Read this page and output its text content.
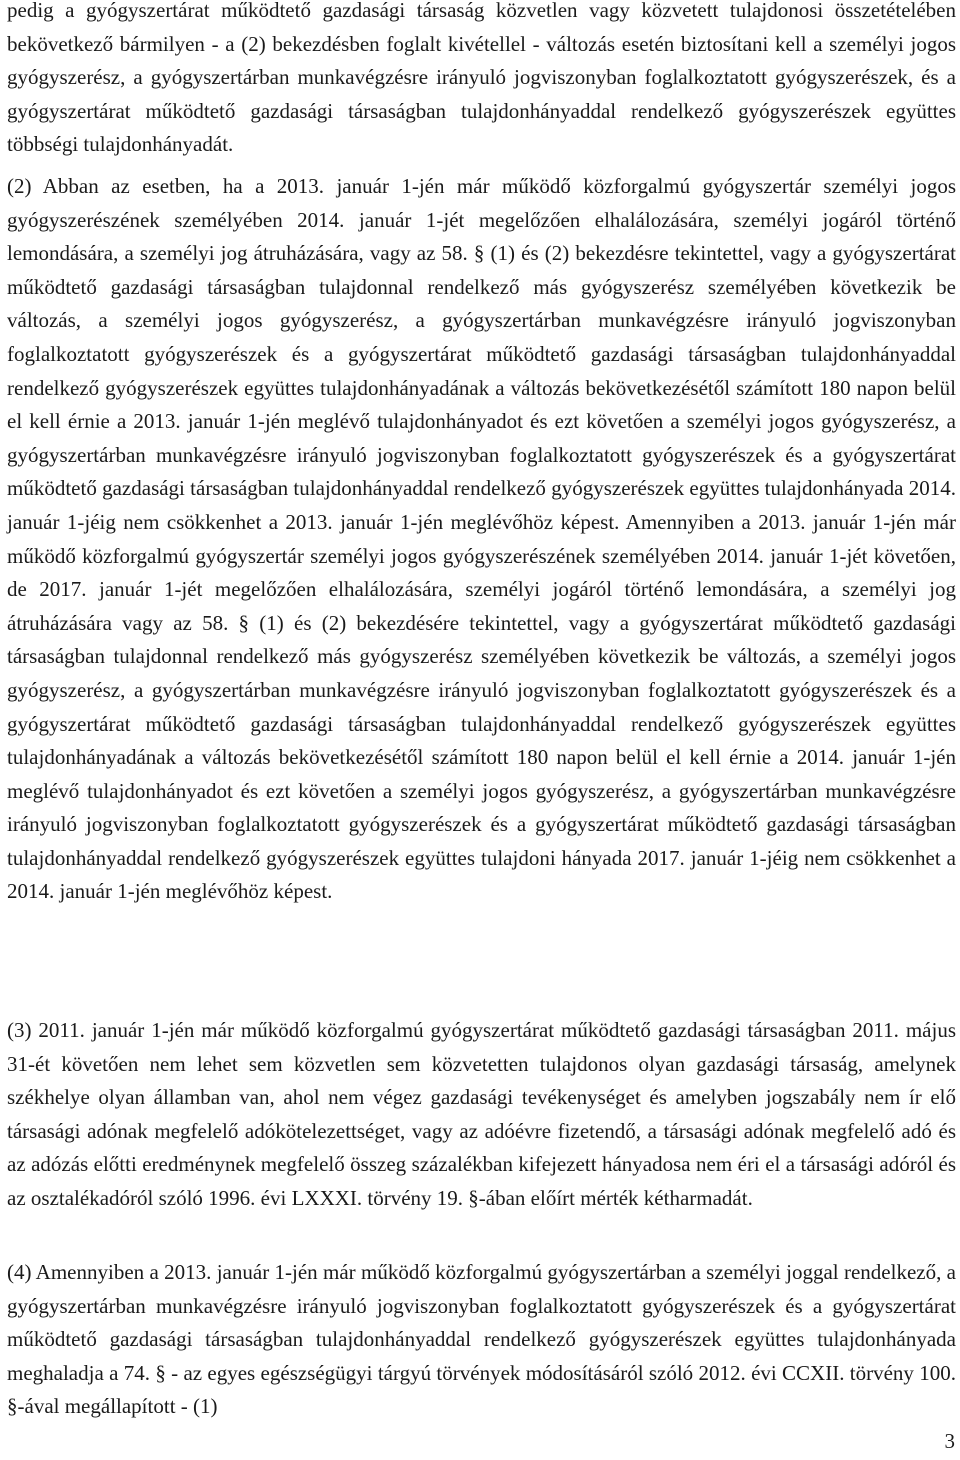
pedig a gyógyszertárat működtető gazdasági társaság közvetlen vagy közvetett tulajdonosi összetételében bekövetkező bármilyen - a (2) bekezdésben foglalt kivétellel - változás esetén biztosítani kell a személyi jogos gyógyszerész, a gyógyszertárban munkavégzésre irányuló jogviszonyban foglalkoztatott gyógyszerészek, és a gyógyszertárat működtető gazdasági társaságban tulajdonhányaddal rendelkező gyógyszerészek együttes többségi tulajdonhányadát.

(2) Abban az esetben, ha a 2013. január 1-jén már működő közforgalmú gyógyszertár személyi jogos gyógyszerészének személyében 2014. január 1-jét megelőzően elhalálozására, személyi jogáról történő lemondására, a személyi jog átruházására, vagy az 58. § (1) és (2) bekezdésre tekintettel, vagy a gyógyszertárat működtető gazdasági társaságban tulajdonnal rendelkező más gyógyszerész személyében következik be változás, a személyi jogos gyógyszerész, a gyógyszertárban munkavégzésre irányuló jogviszonyban foglalkoztatott gyógyszerészek és a gyógyszertárat működtető gazdasági társaságban tulajdonhányaddal rendelkező gyógyszerészek együttes tulajdonhányadának a változás bekövetkezésétől számított 180 napon belül el kell érnie a 2013. január 1-jén meglévő tulajdonhányadot és ezt követően a személyi jogos gyógyszerész, a gyógyszertárban munkavégzésre irányuló jogviszonyban foglalkoztatott gyógyszerészek és a gyógyszertárat működtető gazdasági társaságban tulajdonhányaddal rendelkező gyógyszerészek együttes tulajdonhányada 2014. január 1-jéig nem csökkenhet a 2013. január 1-jén meglévőhöz képest. Amennyiben a 2013. január 1-jén már működő közforgalmú gyógyszertár személyi jogos gyógyszerészének személyében 2014. január 1-jét követően, de 2017. január 1-jét megelőzően elhalálozására, személyi jogáról történő lemondására, a személyi jog átruházására vagy az 58. § (1) és (2) bekezdésére tekintettel, vagy a gyógyszertárat működtető gazdasági társaságban tulajdonnal rendelkező más gyógyszerész személyében következik be változás, a személyi jogos gyógyszerész, a gyógyszertárban munkavégzésre irányuló jogviszonyban foglalkoztatott gyógyszerészek és a gyógyszertárat működtető gazdasági társaságban tulajdonhányaddal rendelkező gyógyszerészek együttes tulajdonhányadának a változás bekövetkezésétől számított 180 napon belül el kell érnie a 2014. január 1-jén meglévő tulajdonhányadot és ezt követően a személyi jogos gyógyszerész, a gyógyszertárban munkavégzésre irányuló jogviszonyban foglalkoztatott gyógyszerészek és a gyógyszertárat működtető gazdasági társaságban tulajdonhányaddal rendelkező gyógyszerészek együttes tulajdoni hányada 2017. január 1-jéig nem csökkenhet a 2014. január 1-jén meglévőhöz képest.

(3) 2011. január 1-jén már működő közforgalmú gyógyszertárat működtető gazdasági társaságban 2011. május 31-ét követően nem lehet sem közvetlen sem közvetetten tulajdonos olyan gazdasági társaság, amelynek székhelye olyan államban van, ahol nem végez gazdasági tevékenységet és amelyben jogszabály nem ír elő társasági adónak megfelelő adókötelezettséget, vagy az adóévre fizetendő, a társasági adónak megfelelő adó és az adózás előtti eredménynek megfelelő összeg százalékban kifejezett hányadosa nem éri el a társasági adóról és az osztalékadóról szóló 1996. évi LXXXI. törvény 19. §-ában előírt mérték kétharmadát.

(4) Amennyiben a 2013. január 1-jén már működő közforgalmú gyógyszertárban a személyi joggal rendelkező, a gyógyszertárban munkavégzésre irányuló jogviszonyban foglalkoztatott gyógyszerészek és a gyógyszertárat működtető gazdasági társaságban tulajdonhányaddal rendelkező gyógyszerészek együttes tulajdonhányada meghaladja a 74. § - az egyes egészségügyi tárgyú törvények módosításáról szóló 2012. évi CCXII. törvény 100. §-ával megállapított - (1)

3
